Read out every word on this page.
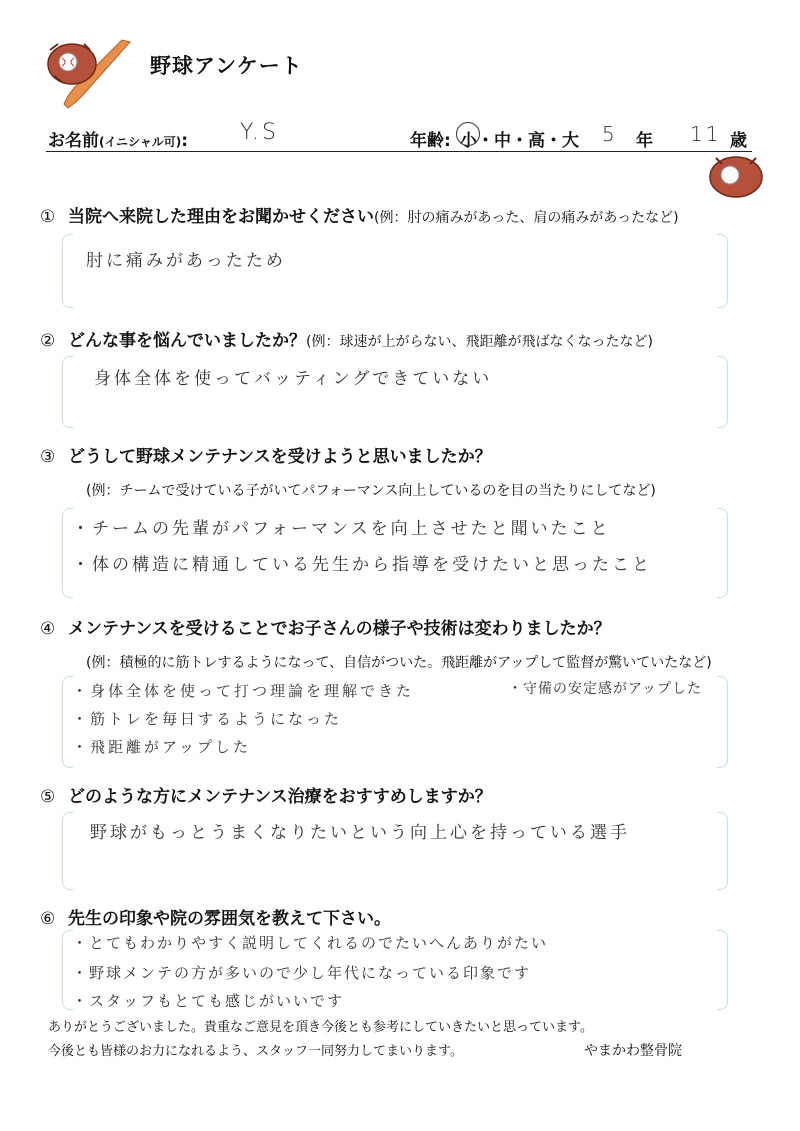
野球アンケート
お名前(イニシャル可): Y.S	年齢: 小・中・高・大 5 年 11 歳
① 当院へ来院した理由をお聞かせください(例：肘の痛みがあった、肩の痛みがあったなど)
肘に痛みがあったため
② どんな事を悩んでいましたか？(例：球速が上がらない、飛距離が飛ばなくなったなど)
身体全体を使ってバッティングできていない
③ どうして野球メンテナンスを受けようと思いましたか？
(例：チームで受けている子がいてパフォーマンス向上しているのを目の当たりにしてなど)
・チームの先輩がパフォーマンスを向上させたと聞いたこと
・体の構造に精通している先生から指導を受けたいと思ったこと
④ メンテナンスを受けることでお子さんの様子や技術は変わりましたか？
(例：積極的に筋トレするようになって、自信がついた。飛距離がアップして監督が驚いていたなど)
・身体全体を使って打つ理論を理解できた
・筋トレを毎日するようになった
・飛距離がアップした
・守備の安定感がアップした
⑤ どのような方にメンテナンス治療をおすすめしますか？
野球がもっとうまくなりたいという向上心を持っている選手
⑥ 先生の印象や院の雰囲気を教えて下さい。
・とてもわかりやすく説明してくれるのでたいへんありがたい
・野球メンテの方が多いので少し年代になっている印象です
・スタッフもとても感じがいいです
ありがとうございました。貴重なご意見を頂き今後とも参考にしていきたいと思っています。
今後とも皆様のお力になれるよう、スタッフ一同努力してまいります。	やまかわ整骨院
